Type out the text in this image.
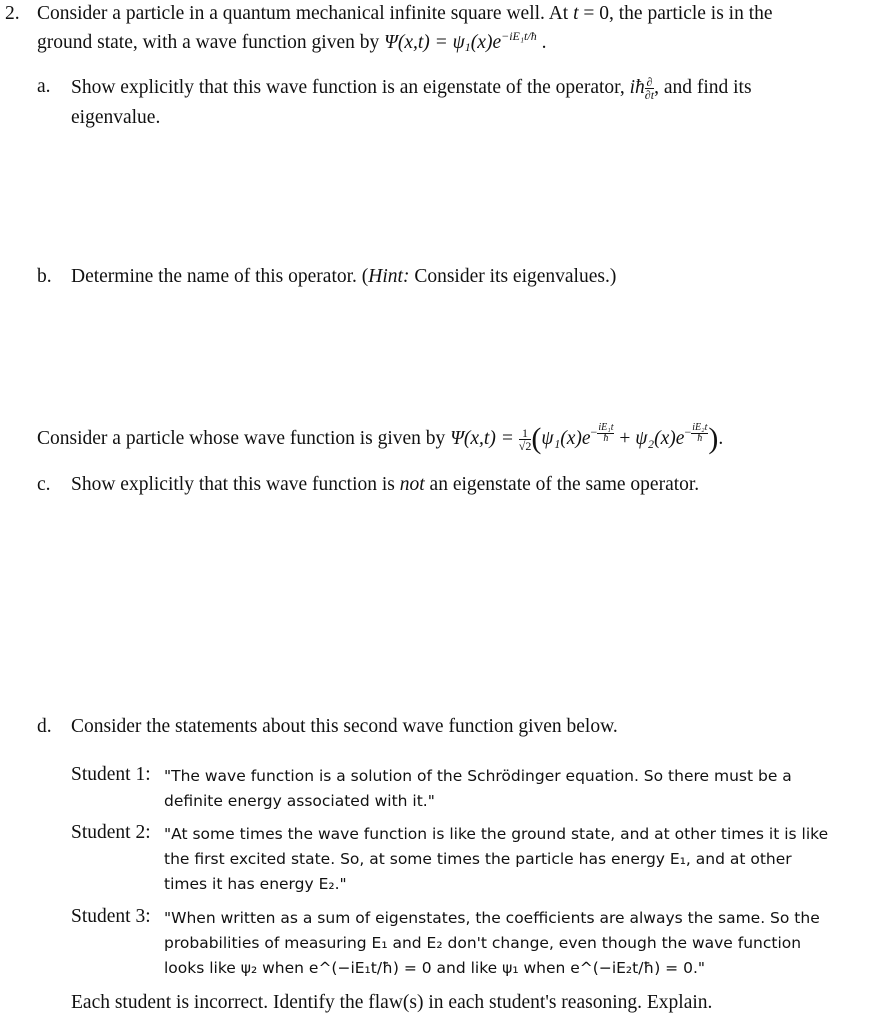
2. Consider a particle in a quantum mechanical infinite square well. At t = 0, the particle is in the
ground state, with a wave function given by $\Psi(x,t) = \psi_1(x)e^{-iE_1t/ħ}$ .
a. Show explicitly that this wave function is an eigenstate of the operator, iħ $\frac{\partial}{\partial t}$ , and find its
eigenvalue.
b. Determine the name of this operator. (Hint: Consider its eigenvalues.)
Consider a particle whose wave function is given by $\Psi(x,t) = \frac{1}{√2} (\psi_1(x)e^{- \frac{\text{iE₁t}}{ħ}} + \psi_2(x)e^{- \frac{\text{iE₂t}}{ħ}}$ ).
c. Show explicitly that this wave function is not an eigenstate of the same operator.
d. Consider the statements about this second wave function given below.
Student 1: "The wave function is a solution of the Schrödinger equation. So there must be a
definite energy associated with it."
Student 2: "At some times the wave function is like the ground state, and at other times it is like
the first excited state. So, at some times the particle has energy E₁, and at other
times it has energy E₂."
Student 3: "When written as a sum of eigenstates, the coefficients are always the same. So the
probabilities of measuring E₁ and E₂ don't change, even though the wave function
looks like ψ₂ when e^(−iE₁t/ħ) = 0 and like ψ₁ when e^(−iE₂t/ħ) = 0."
Each student is incorrect. Identify the flaw(s) in each student's reasoning. Explain.
